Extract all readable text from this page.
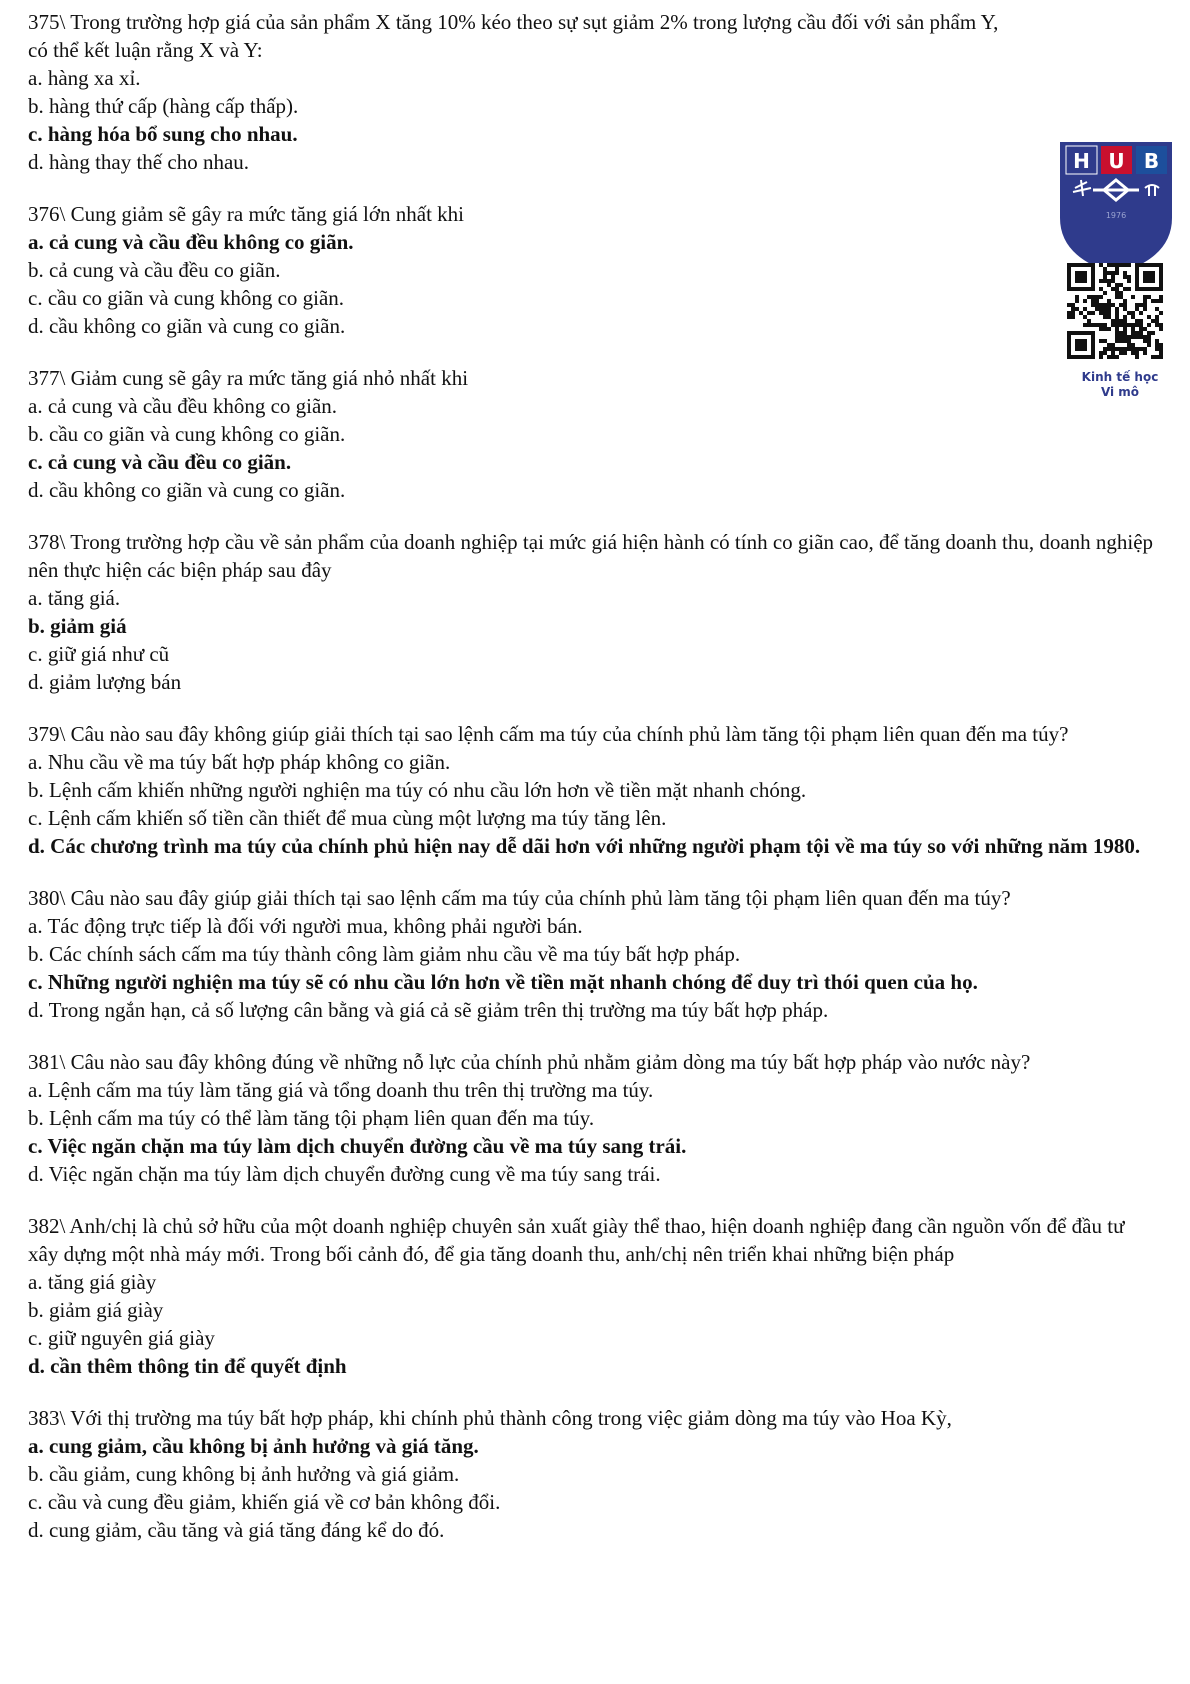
375\ Trong trường hợp giá của sản phẩm X tăng 10% kéo theo sự sụt giảm 2% trong lượng cầu đối với sản phẩm Y, có thể kết luận rằng X và Y:
a. hàng xa xỉ.
b. hàng thứ cấp (hàng cấp thấp).
c. hàng hóa bổ sung cho nhau.
d. hàng thay thế cho nhau.
376\ Cung giảm sẽ gây ra mức tăng giá lớn nhất khi
a. cả cung và cầu đều không co giãn.
b. cả cung và cầu đều co giãn.
c. cầu co giãn và cung không co giãn.
d. cầu không co giãn và cung co giãn.
377\ Giảm cung sẽ gây ra mức tăng giá nhỏ nhất khi
a. cả cung và cầu đều không co giãn.
b. cầu co giãn và cung không co giãn.
c. cả cung và cầu đều co giãn.
d. cầu không co giãn và cung co giãn.
378\ Trong trường hợp cầu về sản phẩm của doanh nghiệp tại mức giá hiện hành có tính co giãn cao, để tăng doanh thu, doanh nghiệp nên thực hiện các biện pháp sau đây
a. tăng giá.
b. giảm giá
c. giữ giá như cũ
d. giảm lượng bán
379\ Câu nào sau đây không giúp giải thích tại sao lệnh cấm ma túy của chính phủ làm tăng tội phạm liên quan đến ma túy?
a. Nhu cầu về ma túy bất hợp pháp không co giãn.
b. Lệnh cấm khiến những người nghiện ma túy có nhu cầu lớn hơn về tiền mặt nhanh chóng.
c. Lệnh cấm khiến số tiền cần thiết để mua cùng một lượng ma túy tăng lên.
d. Các chương trình ma túy của chính phủ hiện nay dễ dãi hơn với những người phạm tội về ma túy so với những năm 1980.
380\ Câu nào sau đây giúp giải thích tại sao lệnh cấm ma túy của chính phủ làm tăng tội phạm liên quan đến ma túy?
a. Tác động trực tiếp là đối với người mua, không phải người bán.
b. Các chính sách cấm ma túy thành công làm giảm nhu cầu về ma túy bất hợp pháp.
c. Những người nghiện ma túy sẽ có nhu cầu lớn hơn về tiền mặt nhanh chóng để duy trì thói quen của họ.
d. Trong ngắn hạn, cả số lượng cân bằng và giá cả sẽ giảm trên thị trường ma túy bất hợp pháp.
381\ Câu nào sau đây không đúng về những nỗ lực của chính phủ nhằm giảm dòng ma túy bất hợp pháp vào nước này?
a. Lệnh cấm ma túy làm tăng giá và tổng doanh thu trên thị trường ma túy.
b. Lệnh cấm ma túy có thể làm tăng tội phạm liên quan đến ma túy.
c. Việc ngăn chặn ma túy làm dịch chuyển đường cầu về ma túy sang trái.
d. Việc ngăn chặn ma túy làm dịch chuyển đường cung về ma túy sang trái.
382\ Anh/chị là chủ sở hữu của một doanh nghiệp chuyên sản xuất giày thể thao, hiện doanh nghiệp đang cần nguồn vốn để đầu tư xây dựng một nhà máy mới. Trong bối cảnh đó, để gia tăng doanh thu, anh/chị nên triển khai những biện pháp
a. tăng giá giày
b. giảm giá giày
c. giữ nguyên giá giày
d. cần thêm thông tin để quyết định
383\ Với thị trường ma túy bất hợp pháp, khi chính phủ thành công trong việc giảm dòng ma túy vào Hoa Kỳ,
a. cung giảm, cầu không bị ảnh hưởng và giá tăng.
b. cầu giảm, cung không bị ảnh hưởng và giá giảm.
c. cầu và cung đều giảm, khiến giá về cơ bản không đổi.
d. cung giảm, cầu tăng và giá tăng đáng kể do đó.
H U B
1976
Kinh tế học
Vi mô
